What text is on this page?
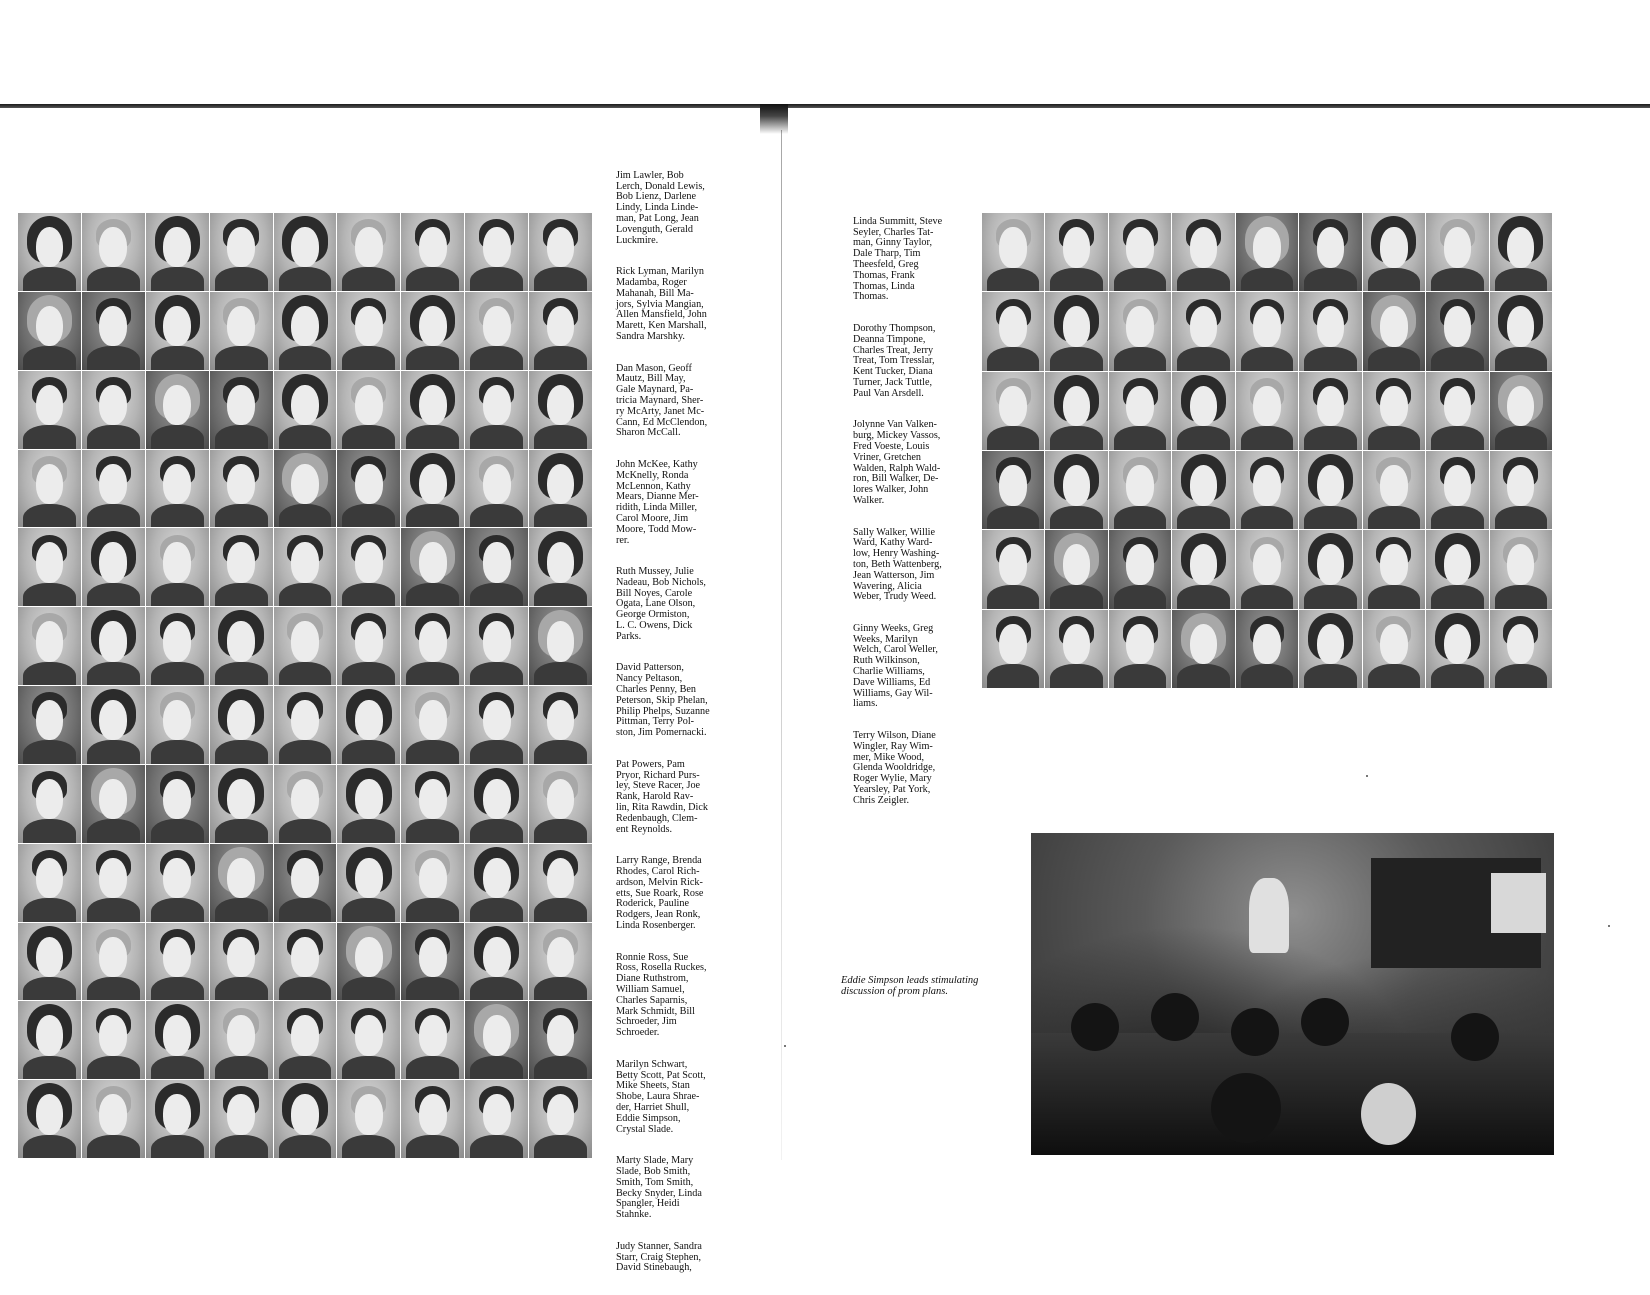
Jim Lawler, Bob
Lerch, Donald Lewis,
Bob Lienz, Darlene
Lindy, Linda Linde-
man, Pat Long, Jean
Lovenguth, Gerald
Luckmire.

Rick Lyman, Marilyn
Madamba, Roger
Mahanah, Bill Ma-
jors, Sylvia Mangian,
Allen Mansfield, John
Marett, Ken Marshall,
Sandra Marshky.

Dan Mason, Geoff
Mautz, Bill May,
Gale Maynard, Pa-
tricia Maynard, Sher-
ry McArty, Janet Mc-
Cann, Ed McClendon,
Sharon McCall.

John McKee, Kathy
McKnelly, Ronda
McLennon, Kathy
Mears, Dianne Mer-
ridith, Linda Miller,
Carol Moore, Jim
Moore, Todd Mow-
rer.

Ruth Mussey, Julie
Nadeau, Bob Nichols,
Bill Noyes, Carole
Ogata, Lane Olson,
George Ormiston,
L. C. Owens, Dick
Parks.

David Patterson,
Nancy Peltason,
Charles Penny, Ben
Peterson, Skip Phelan,
Philip Phelps, Suzanne
Pittman, Terry Pol-
ston, Jim Pomernacki.

Pat Powers, Pam
Pryor, Richard Purs-
ley, Steve Racer, Joe
Rank, Harold Rav-
lin, Rita Rawdin, Dick
Redenbaugh, Clem-
ent Reynolds.

Larry Range, Brenda
Rhodes, Carol Rich-
ardson, Melvin Rick-
etts, Sue Roark, Rose
Roderick, Pauline
Rodgers, Jean Ronk,
Linda Rosenberger.

Ronnie Ross, Sue
Ross, Rosella Ruckes,
Diane Ruthstrom,
William Samuel,
Charles Saparnis,
Mark Schmidt, Bill
Schroeder, Jim
Schroeder.

Marilyn Schwart,
Betty Scott, Pat Scott,
Mike Sheets, Stan
Shobe, Laura Shrae-
der, Harriet Shull,
Eddie Simpson,
Crystal Slade.

Marty Slade, Mary
Slade, Bob Smith,
Smith, Tom Smith,
Becky Snyder, Linda
Spangler, Heidi
Stahnke.

Judy Stanner, Sandra
Starr, Craig Stephen,
David Stinebaugh,

Linda Summitt, Steve
Seyler, Charles Tat-
man, Ginny Taylor,
Dale Tharp, Tim
Theesfeld, Greg
Thomas, Frank
Thomas, Linda
Thomas.

Dorothy Thompson,
Deanna Timpone,
Charles Treat, Jerry
Treat, Tom Tresslar,
Kent Tucker, Diana
Turner, Jack Tuttle,
Paul Van Arsdell.

Jolynne Van Valken-
burg, Mickey Vassos,
Fred Voeste, Louis
Vriner, Gretchen
Walden, Ralph Wald-
ron, Bill Walker, De-
lores Walker, John
Walker.

Sally Walker, Willie
Ward, Kathy Ward-
low, Henry Washing-
ton, Beth Wattenberg,
Jean Watterson, Jim
Wavering, Alicia
Weber, Trudy Weed.

Ginny Weeks, Greg
Weeks, Marilyn
Welch, Carol Weller,
Ruth Wilkinson,
Charlie Williams,
Dave Williams, Ed
Williams, Gay Wil-
liams.

Terry Wilson, Diane
Wingler, Ray Wim-
mer, Mike Wood,
Glenda Wooldridge,
Roger Wylie, Mary
Yearsley, Pat York,
Chris Zeigler.

Eddie Simpson leads stimulating
discussion of prom plans.
